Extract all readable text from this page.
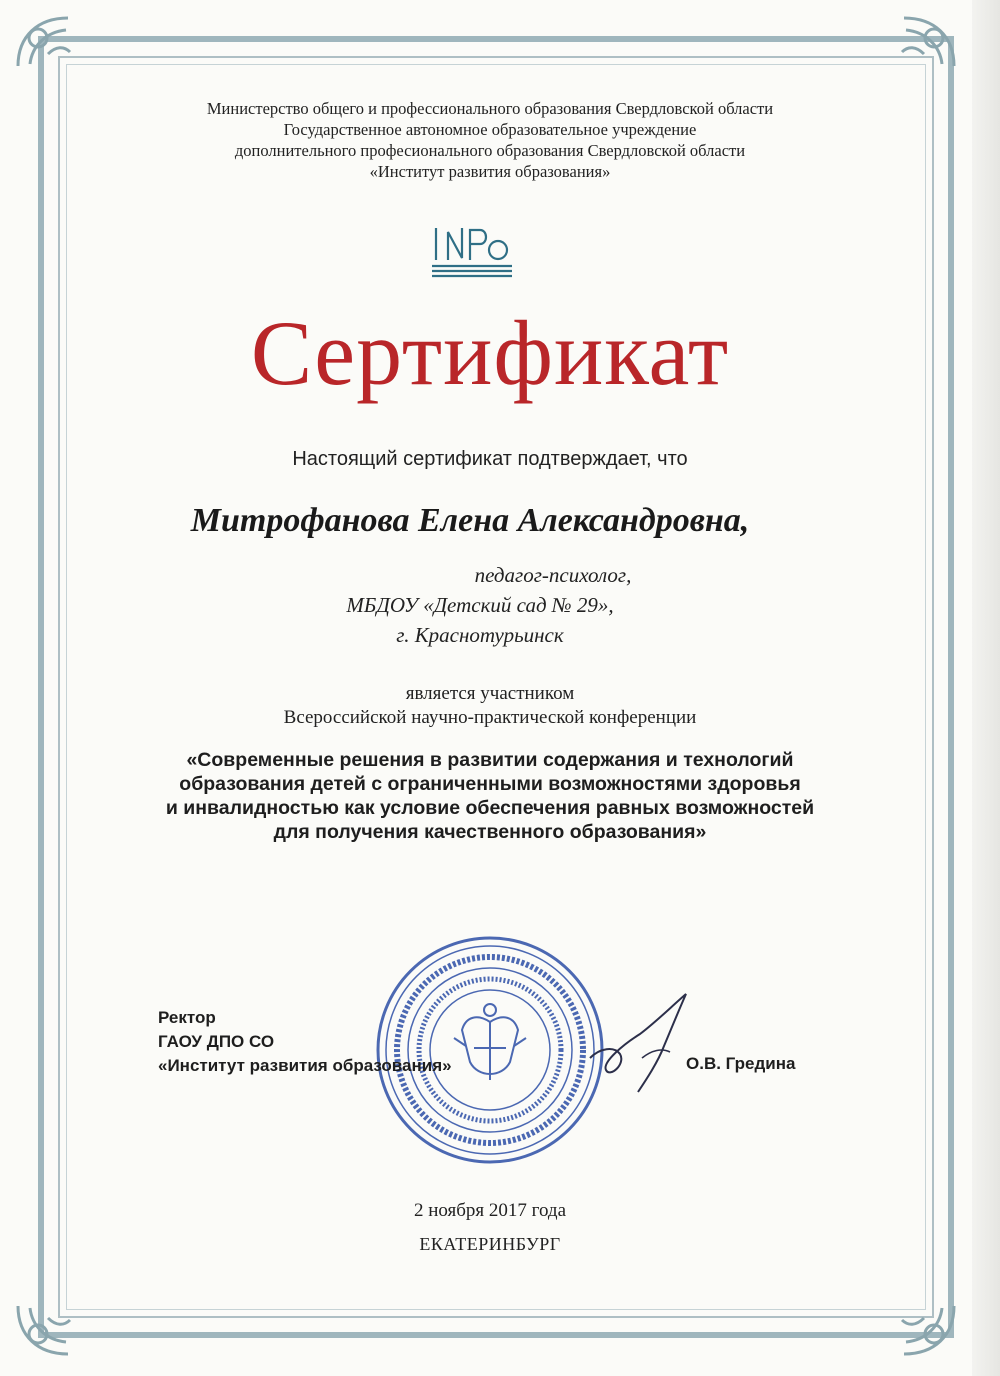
Министерство общего и профессионального образования Свердловской области
Государственное автономное образовательное учреждение
дополнительного професионального образования Свердловской области
«Институт развития образования»
Сертификат
Настоящий сертификат подтверждает, что
Митрофанова Елена Александровна,
педагог-психолог,
МБДОУ «Детский сад № 29»,
г. Краснотурьинск
является участником
Всероссийской научно-практической конференции
«Современные решения в развитии содержания и технологий
образования детей с ограниченными возможностями здоровья
и инвалидностью как условие обеспечения равных возможностей
для получения качественного образования»
Ректор
ГАОУ ДПО СО
«Институт развития образования»	О.В. Гредина
2 ноября 2017 года
ЕКАТЕРИНБУРГ
